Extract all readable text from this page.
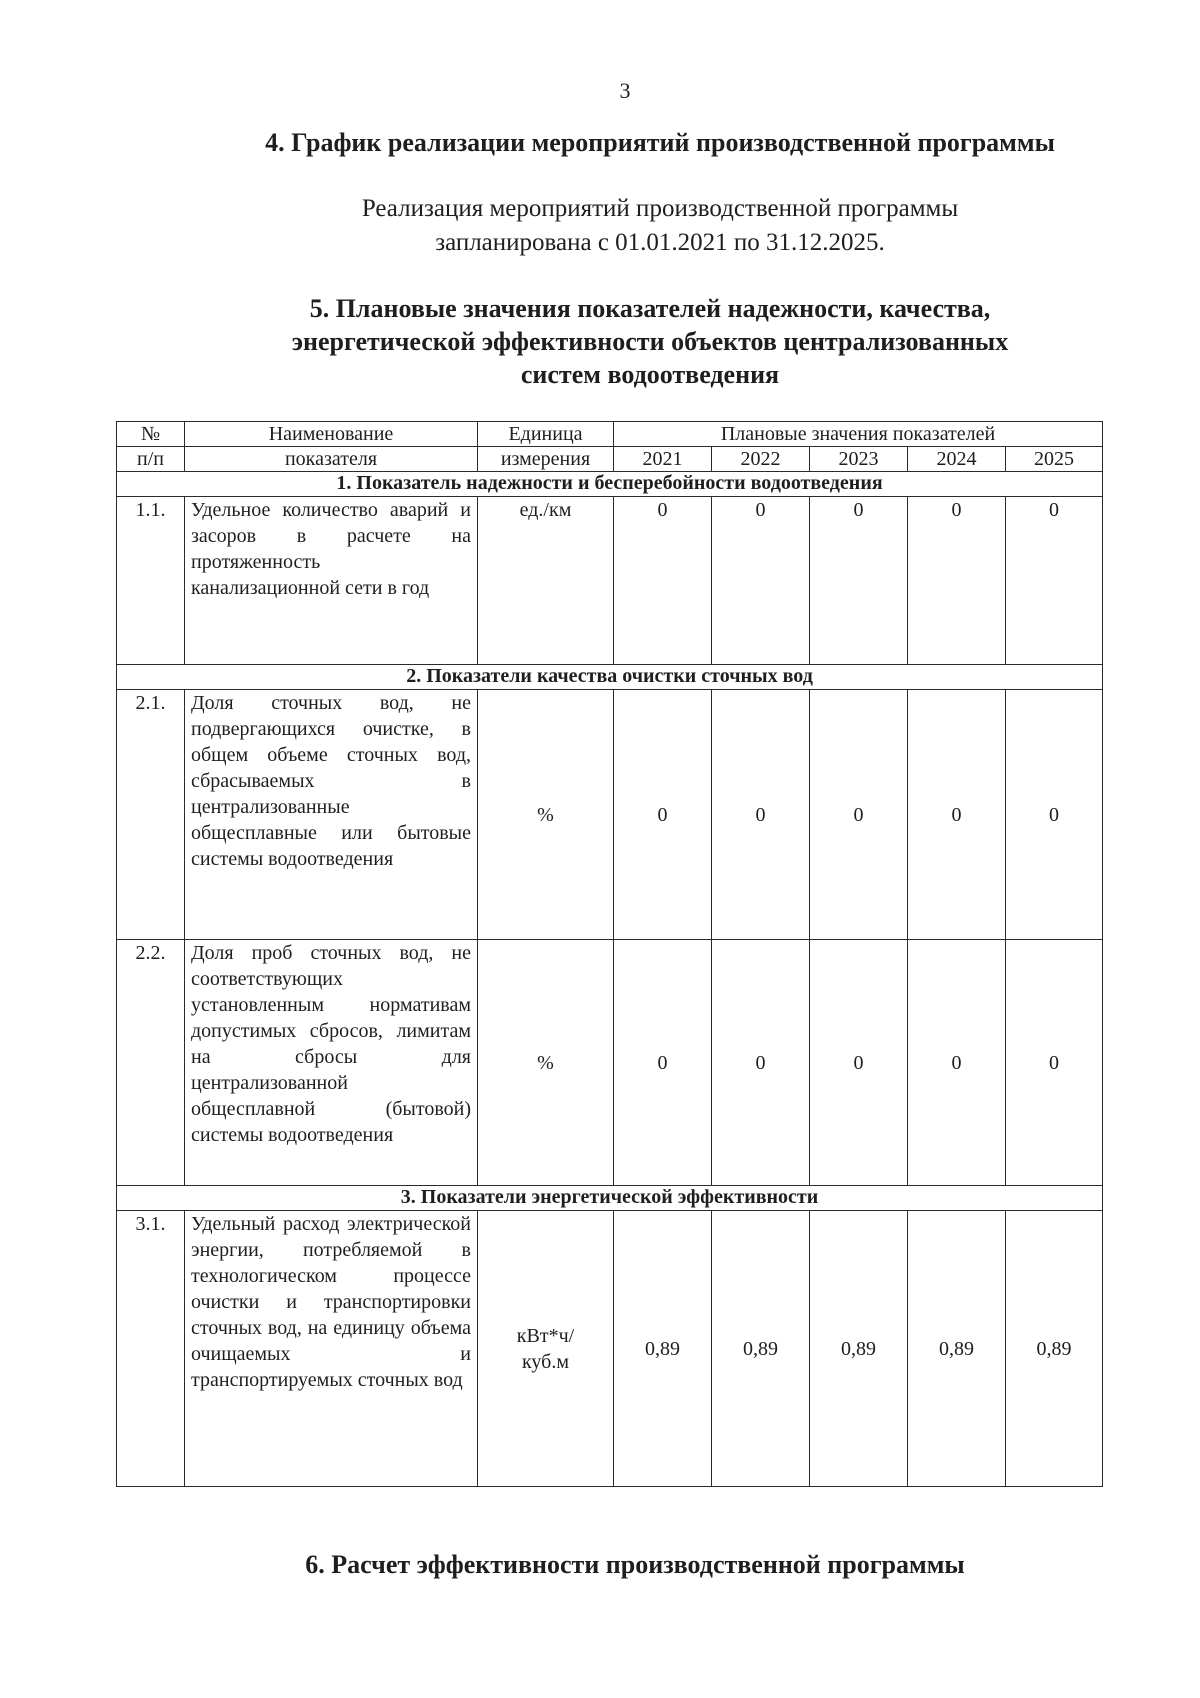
3
4. График реализации мероприятий производственной программы
Реализация мероприятий производственной программы
запланирована с 01.01.2021 по 31.12.2025.
5. Плановые значения показателей надежности, качества,
энергетической эффективности объектов централизованных
систем водоотведения
№	Наименование	Единица	Плановые значения показателей				
п/п	показателя	измерения	2021	2022	2023	2024	2025
1. Показатель надежности и бесперебойности водоотведения							
1.1.	Удельное количество аварий и засоров в расчете на протяженность канализационной сети в год	ед./км	0	0	0	0	0
2. Показатели качества очистки сточных вод							
2.1.	Доля сточных вод, не подвергающихся очистке, в общем объеме сточных вод, сбрасываемых в централизованные общесплавные или бытовые системы водоотведения	%	0	0	0	0	0
2.2.	Доля проб сточных вод, не соответствующих установленным нормативам допустимых сбросов, лимитам на сбросы для централизованной общесплавной (бытовой) системы водоотведения	%	0	0	0	0	0
3. Показатели энергетической эффективности							
3.1.	Удельный расход электрической энергии, потребляемой в технологическом процессе очистки и транспортировки сточных вод, на единицу объема очищаемых и транспортируемых сточных вод	кВт*ч/
куб.м	0,89	0,89	0,89	0,89	0,89
6. Расчет эффективности производственной программы
